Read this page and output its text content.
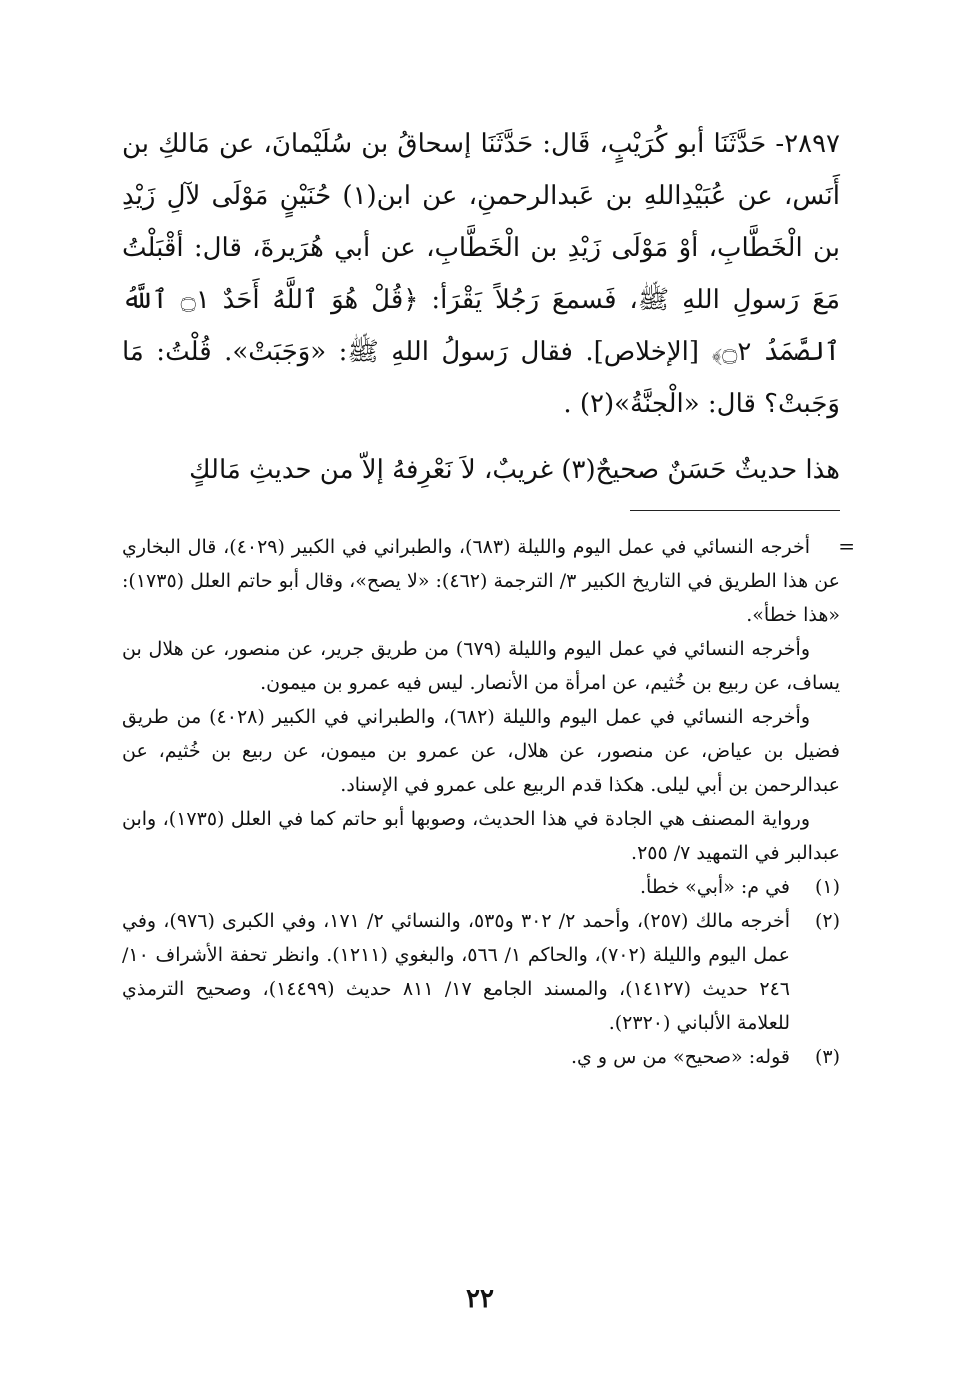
٢٨٩٧- حَدَّثَنَا أبو كُرَيْبٍ، قَال: حَدَّثَنَا إسحاقُ بن سُلَيْمانَ، عن مَالكِ بن أَنَس، عن عُبَيْدِاللهِ بن عَبدالرحمنِ، عن ابن(١) حُنَيْنٍ مَوْلَى لآلِ زَيْدِ بن الْخَطَّابِ، أوْ مَوْلَى زَيْدِ بن الْخَطَّابِ، عن أبي هُرَيرةَ، قال: أقْبَلْتُ مَعَ رَسولِ اللهِ ﷺ، فَسمعَ رَجُلاً يَقْرَأ: ﴿قُلْ هُوَ ٱللَّهُ أَحَدٌ ۝١ ٱللَّهُ ٱلصَّمَدُ ۝٢﴾ [الإخلاص]. فقال رَسولُ اللهِ ﷺ: «وَجَبَتْ». قُلْتُ: مَا وَجَبتْ؟ قال: «الْجنَّةُ»(٢) .

هذا حديثٌ حَسَنٌ صحيحٌ(٣) غريبٌ، لاَ نَعْرِفهُ إلاّ من حديثِ مَالكٍ

=

أخرجه النسائي في عمل اليوم والليلة (٦٨٣)، والطبراني في الكبير (٤٠٢٩)، قال البخاري عن هذا الطريق في التاريخ الكبير ٣/ الترجمة (٤٦٢): «لا يصح»، وقال أبو حاتم العلل (١٧٣٥): «هذا خطأ».

وأخرجه النسائي في عمل اليوم والليلة (٦٧٩) من طريق جرير، عن منصور، عن هلال بن يساف، عن ربيع بن خُثيم، عن امرأة من الأنصار. ليس فيه عمرو بن ميمون.

وأخرجه النسائي في عمل اليوم والليلة (٦٨٢)، والطبراني في الكبير (٤٠٢٨) من طريق فضيل بن عياض، عن منصور، عن هلال، عن عمرو بن ميمون، عن ربيع بن خُثيم، عن عبدالرحمن بن أبي ليلى. هكذا قدم الربيع على عمرو في الإسناد.

ورواية المصنف هي الجادة في هذا الحديث، وصوبها أبو حاتم كما في العلل (١٧٣٥)، وابن عبدالبر في التمهيد ٧/ ٢٥٥.

(١)
في م: «أبي» خطأ.
(٢)
أخرجه مالك (٢٥٧)، وأحمد ٢/ ٣٠٢ و٥٣٥، والنسائي ٢/ ١٧١، وفي الكبرى (٩٧٦)، وفي عمل اليوم والليلة (٧٠٢)، والحاكم ١/ ٥٦٦، والبغوي (١٢١١). وانظر تحفة الأشراف ١٠/ ٢٤٦ حديث (١٤١٢٧)، والمسند الجامع ١٧/ ٨١١ حديث (١٤٤٩٩)، وصحيح الترمذي للعلامة الألباني (٢٣٢٠).
(٣)
قوله: «صحيح» من س و ي.
٢٢
